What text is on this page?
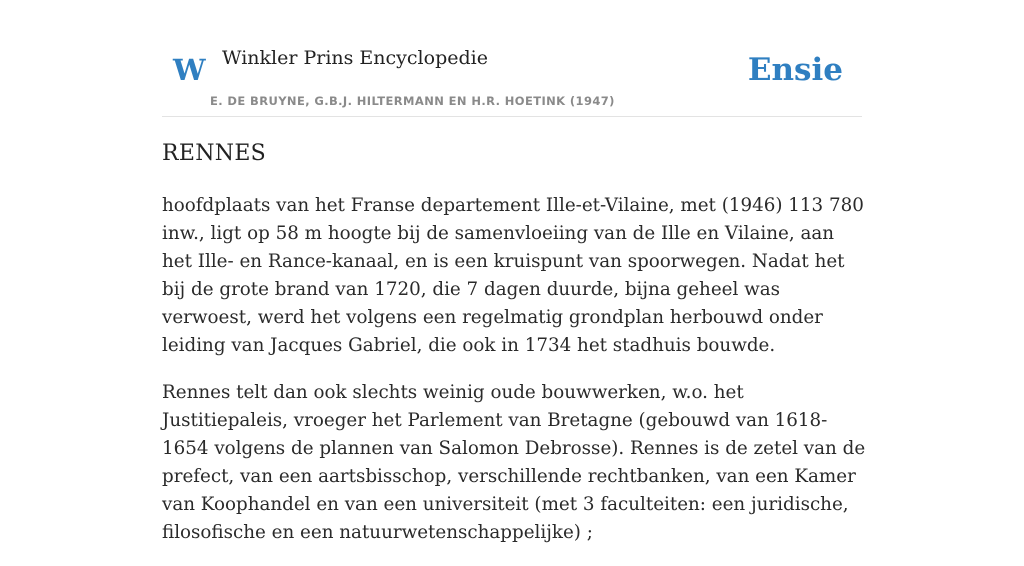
W Winkler Prins Encyclopedie
E. DE BRUYNE, G.B.J. HILTERMANN EN H.R. HOETINK (1947)
Ensie
RENNES

hoofdplaats van het Franse departement Ille-et-Vilaine, met (1946) 113 780 inw., ligt op 58 m hoogte bij de samenvloeiing van de Ille en Vilaine, aan het Ille- en Rance-kanaal, en is een kruispunt van spoorwegen. Nadat het bij de grote brand van 1720, die 7 dagen duurde, bijna geheel was verwoest, werd het volgens een regelmatig grondplan herbouwd onder leiding van Jacques Gabriel, die ook in 1734 het stadhuis bouwde.

Rennes telt dan ook slechts weinig oude bouwwerken, w.o. het Justitiepaleis, vroeger het Parlement van Bretagne (gebouwd van 1618-1654 volgens de plannen van Salomon Debrosse). Rennes is de zetel van de prefect, van een aartsbisschop, verschillende rechtbanken, van een Kamer van Koophandel en van een universiteit (met 3 faculteiten: een juridische, filosofische en een natuurwetenschappelijke) ;
